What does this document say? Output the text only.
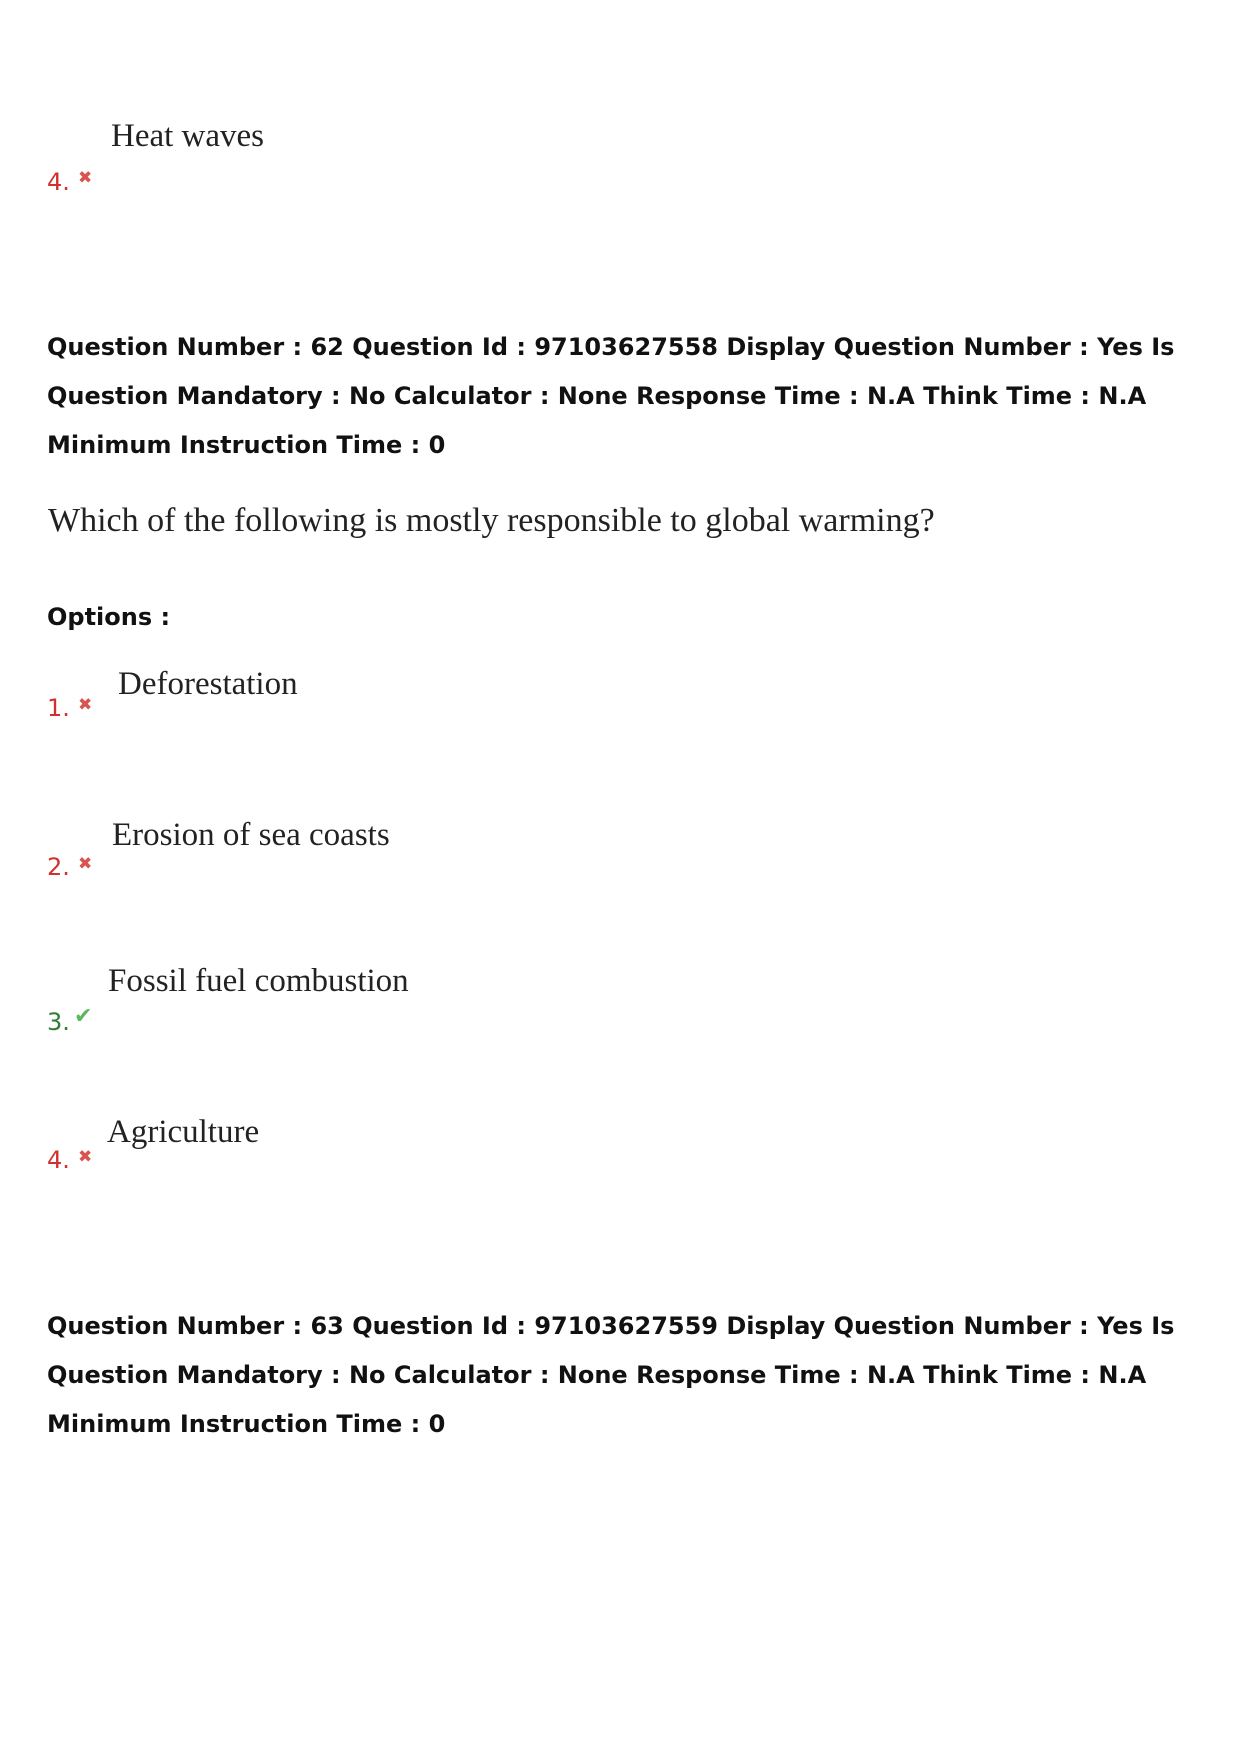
Heat waves
4. ✖
Question Number : 62 Question Id : 97103627558 Display Question Number : Yes Is Question Mandatory : No Calculator : None Response Time : N.A Think Time : N.A Minimum Instruction Time : 0
Which of the following is mostly responsible to global warming?
Options :
Deforestation
1. ✖
Erosion of sea coasts
2. ✖
Fossil fuel combustion
3. ✔
Agriculture
4. ✖
Question Number : 63 Question Id : 97103627559 Display Question Number : Yes Is Question Mandatory : No Calculator : None Response Time : N.A Think Time : N.A Minimum Instruction Time : 0
